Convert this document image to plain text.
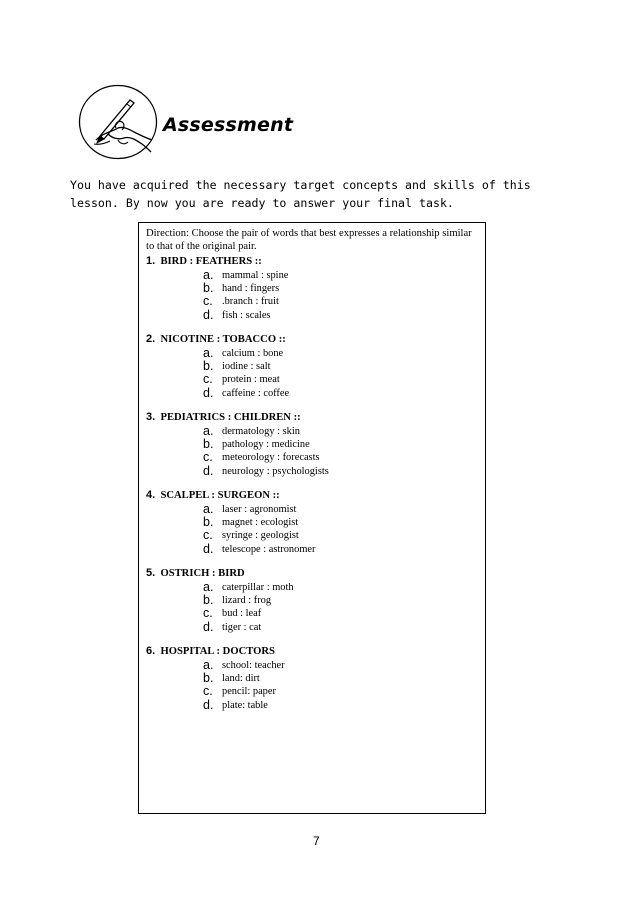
Assessment
You have acquired the necessary target concepts and skills of this lesson. By now you are ready to answer your final task.
Direction: Choose the pair of words that best expresses a relationship similar to that of the original pair.
1. BIRD : FEATHERS ::
a. mammal : spine
b. hand : fingers
c. .branch : fruit
d. fish : scales
2. NICOTINE : TOBACCO ::
a. calcium : bone
b. iodine : salt
c. protein : meat
d. caffeine : coffee
3. PEDIATRICS : CHILDREN ::
a. dermatology : skin
b. pathology : medicine
c. meteorology : forecasts
d. neurology : psychologists
4. SCALPEL : SURGEON ::
a. laser : agronomist
b. magnet : ecologist
c. syringe : geologist
d. telescope : astronomer
5. OSTRICH : BIRD
a. caterpillar : moth
b. lizard : frog
c. bud : leaf
d. tiger : cat
6. HOSPITAL : DOCTORS
a. school: teacher
b. land: dirt
c. pencil: paper
d. plate: table
7
